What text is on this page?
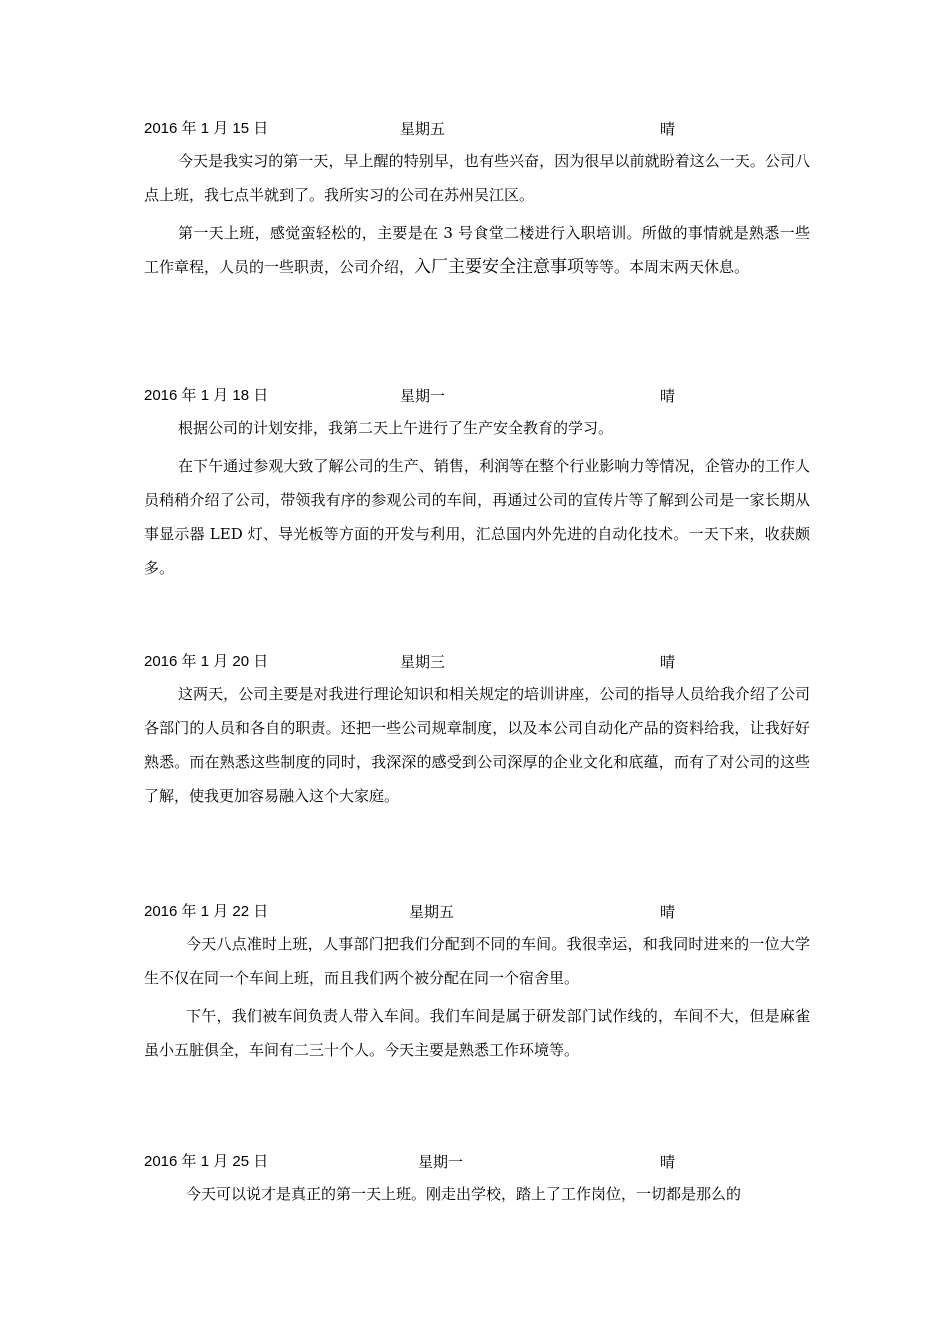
2016 年 1 月 15 日	星期五	晴

今天是我实习的第一天，早上醒的特别早，也有些兴奋，因为很早以前就盼着这么一天。公司八点上班，我七点半就到了。我所实习的公司在苏州吴江区。

第一天上班，感觉蛮轻松的，主要是在 3 号食堂二楼进行入职培训。所做的事情就是熟悉一些工作章程，人员的一些职责，公司介绍，入厂主要安全注意事项等等。本周末两天休息。

2016 年 1 月 18 日	星期一	晴

根据公司的计划安排，我第二天上午进行了生产安全教育的学习。

在下午通过参观大致了解公司的生产、销售，利润等在整个行业影响力等情况，企管办的工作人员稍稍介绍了公司，带领我有序的参观公司的车间，再通过公司的宣传片等了解到公司是一家长期从事显示器 LED 灯、导光板等方面的开发与利用，汇总国内外先进的自动化技术。一天下来，收获颇多。

2016 年 1 月 20 日	星期三	晴

这两天，公司主要是对我进行理论知识和相关规定的培训讲座，公司的指导人员给我介绍了公司各部门的人员和各自的职责。还把一些公司规章制度，以及本公司自动化产品的资料给我，让我好好熟悉。而在熟悉这些制度的同时，我深深的感受到公司深厚的企业文化和底蕴，而有了对公司的这些了解，使我更加容易融入这个大家庭。

2016 年 1 月 22 日	星期五	晴

今天八点准时上班，人事部门把我们分配到不同的车间。我很幸运，和我同时进来的一位大学生不仅在同一个车间上班，而且我们两个被分配在同一个宿舍里。

下午，我们被车间负责人带入车间。我们车间是属于研发部门试作线的，车间不大，但是麻雀虽小五脏俱全，车间有二三十个人。今天主要是熟悉工作环境等。

2016 年 1 月 25 日	星期一	晴

今天可以说才是真正的第一天上班。刚走出学校，踏上了工作岗位，一切都是那么的
